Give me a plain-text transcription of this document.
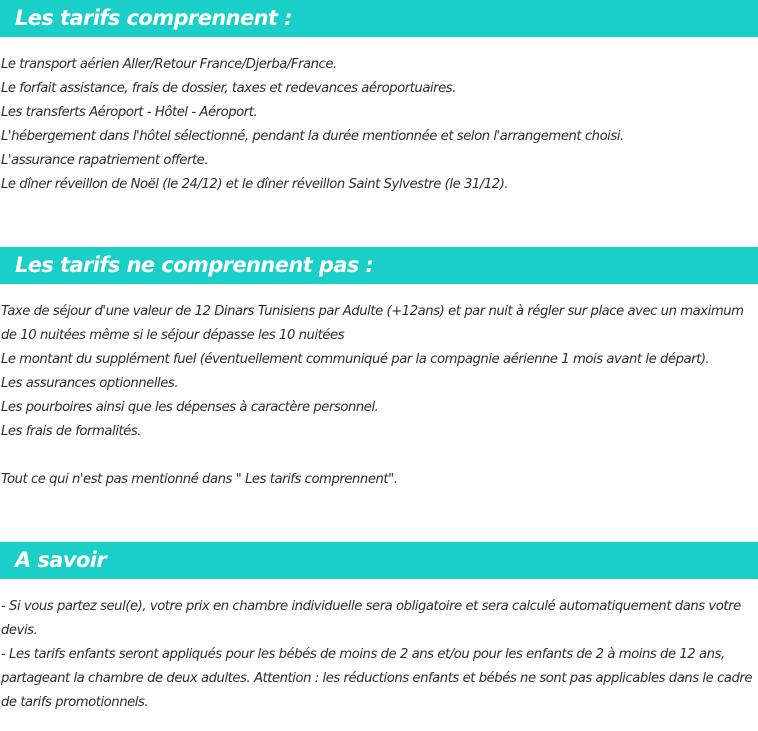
Les tarifs comprennent :

Le transport aérien Aller/Retour France/Djerba/France.

Le forfait assistance, frais de dossier, taxes et redevances aéroportuaires.

Les transferts Aéroport - Hôtel - Aéroport.

L'hébergement dans l'hôtel sélectionné, pendant la durée mentionnée et selon l'arrangement choisi.

L'assurance rapatriement offerte.

Le dîner réveillon de Noël (le 24/12) et le dîner réveillon Saint Sylvestre (le 31/12).

Les tarifs ne comprennent pas :

Taxe de séjour d'une valeur de 12 Dinars Tunisiens par Adulte (+12ans) et par nuit à régler sur place avec un maximum de 10 nuitées même si le séjour dépasse les 10 nuitées

Le montant du supplément fuel (éventuellement communiqué par la compagnie aérienne 1 mois avant le départ).

Les assurances optionnelles.

Les pourboires ainsi que les dépenses à caractère personnel.

Les frais de formalités.

Tout ce qui n'est pas mentionné dans " Les tarifs comprennent".

A savoir

- Si vous partez seul(e), votre prix en chambre individuelle sera obligatoire et sera calculé automatiquement dans votre devis.

- Les tarifs enfants seront appliqués pour les bébés de moins de 2 ans et/ou pour les enfants de 2 à moins de 12 ans, partageant la chambre de deux adultes. Attention : les réductions enfants et bébés ne sont pas applicables dans le cadre de tarifs promotionnels.
